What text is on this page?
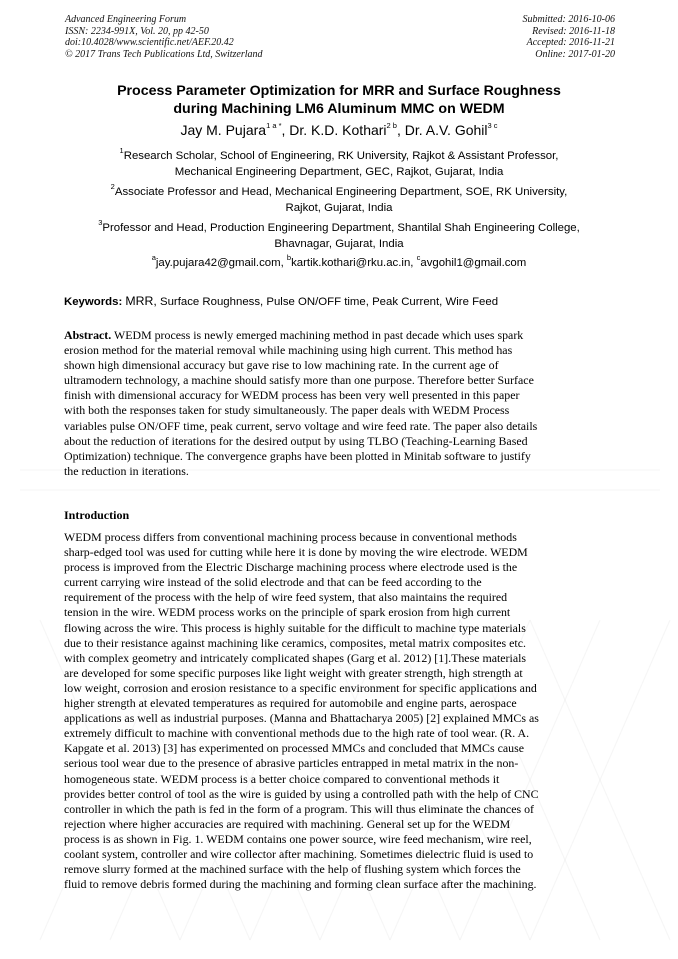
Advanced Engineering Forum
ISSN: 2234-991X, Vol. 20, pp 42-50
doi:10.4028/www.scientific.net/AEF.20.42
© 2017 Trans Tech Publications Ltd, Switzerland
Submitted: 2016-10-06
Revised: 2016-11-18
Accepted: 2016-11-21
Online: 2017-01-20
Process Parameter Optimization for MRR and Surface Roughness
during Machining LM6 Aluminum MMC on WEDM
Jay M. Pujara$^{1 a *}$, Dr. K.D. Kothari$^{2 b}$, Dr. A.V. Gohil$^{3 c}$
$^1$Research Scholar, School of Engineering, RK University, Rajkot & Assistant Professor,
Mechanical Engineering Department, GEC, Rajkot, Gujarat, India
$^2$Associate Professor and Head, Mechanical Engineering Department, SOE, RK University,
Rajkot, Gujarat, India
$^3$Professor and Head, Production Engineering Department, Shantilal Shah Engineering College,
Bhavnagar, Gujarat, India
$^a$jay.pujara42@gmail.com, $^b$kartik.kothari@rku.ac.in, $^c$avgohil1@gmail.com
Keywords: MRR, Surface Roughness, Pulse ON/OFF time, Peak Current, Wire Feed
Abstract. WEDM process is newly emerged machining method in past decade which uses spark
erosion method for the material removal while machining using high current. This method has
shown high dimensional accuracy but gave rise to low machining rate. In the current age of
ultramodern technology, a machine should satisfy more than one purpose. Therefore better Surface
finish with dimensional accuracy for WEDM process has been very well presented in this paper
with both the responses taken for study simultaneously. The paper deals with WEDM Process
variables pulse ON/OFF time, peak current, servo voltage and wire feed rate. The paper also details
about the reduction of iterations for the desired output by using TLBO (Teaching-Learning Based
Optimization) technique. The convergence graphs have been plotted in Minitab software to justify
the reduction in iterations.
Introduction
WEDM process differs from conventional machining process because in conventional methods
sharp-edged tool was used for cutting while here it is done by moving the wire electrode. WEDM
process is improved from the Electric Discharge machining process where electrode used is the
current carrying wire instead of the solid electrode and that can be feed according to the
requirement of the process with the help of wire feed system, that also maintains the required
tension in the wire. WEDM process works on the principle of spark erosion from high current
flowing across the wire. This process is highly suitable for the difficult to machine type materials
due to their resistance against machining like ceramics, composites, metal matrix composites etc.
with complex geometry and intricately complicated shapes (Garg et al. 2012) [1].These materials
are developed for some specific purposes like light weight with greater strength, high strength at
low weight, corrosion and erosion resistance to a specific environment for specific applications and
higher strength at elevated temperatures as required for automobile and engine parts, aerospace
applications as well as industrial purposes. (Manna and Bhattacharya 2005) [2] explained MMCs as
extremely difficult to machine with conventional methods due to the high rate of tool wear. (R. A.
Kapgate et al. 2013) [3] has experimented on processed MMCs and concluded that MMCs cause
serious tool wear due to the presence of abrasive particles entrapped in metal matrix in the non-
homogeneous state. WEDM process is a better choice compared to conventional methods it
provides better control of tool as the wire is guided by using a controlled path with the help of CNC
controller in which the path is fed in the form of a program. This will thus eliminate the chances of
rejection where higher accuracies are required with machining. General set up for the WEDM
process is as shown in Fig. 1. WEDM contains one power source, wire feed mechanism, wire reel,
coolant system, controller and wire collector after machining. Sometimes dielectric fluid is used to
remove slurry formed at the machined surface with the help of flushing system which forces the
fluid to remove debris formed during the machining and forming clean surface after the machining.
